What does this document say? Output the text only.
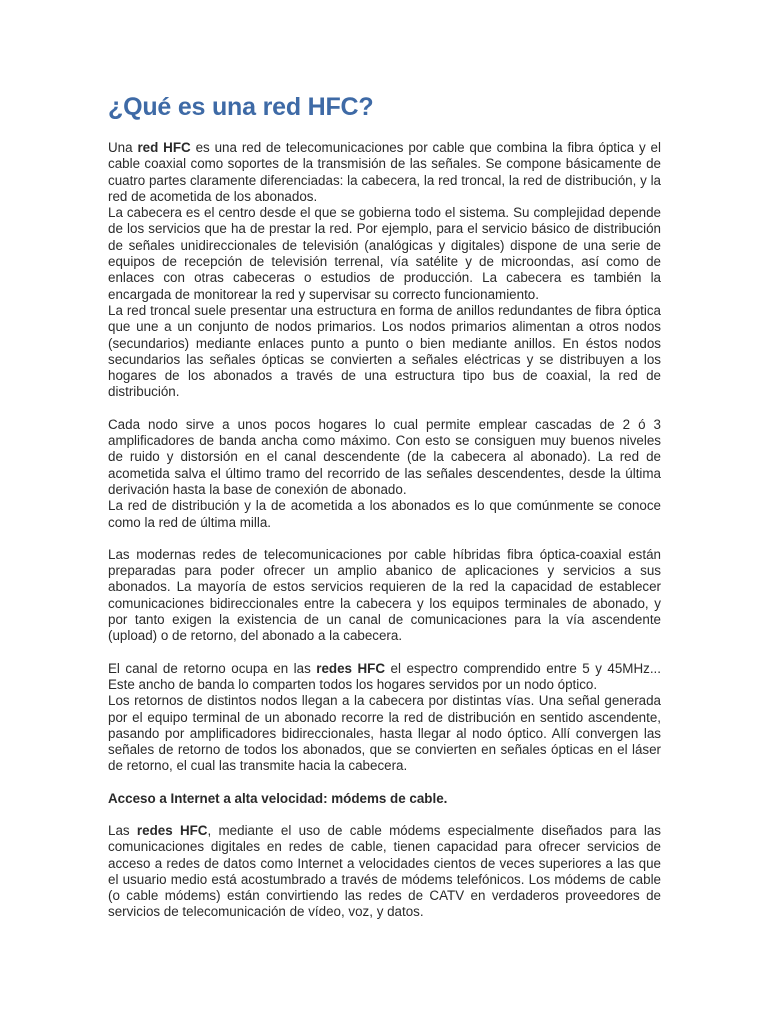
¿Qué es una red HFC?

Una red HFC es una red de telecomunicaciones por cable que combina la fibra óptica y el cable coaxial como soportes de la transmisión de las señales. Se compone básicamente de cuatro partes claramente diferenciadas: la cabecera, la red troncal, la red de distribución, y la red de acometida de los abonados.

La cabecera es el centro desde el que se gobierna todo el sistema. Su complejidad depende de los servicios que ha de prestar la red. Por ejemplo, para el servicio básico de distribución de señales unidireccionales de televisión (analógicas y digitales) dispone de una serie de equipos de recepción de televisión terrenal, vía satélite y de microondas, así como de enlaces con otras cabeceras o estudios de producción. La cabecera es también la encargada de monitorear la red y supervisar su correcto funcionamiento.

La red troncal suele presentar una estructura en forma de anillos redundantes de fibra óptica que une a un conjunto de nodos primarios. Los nodos primarios alimentan a otros nodos (secundarios) mediante enlaces punto a punto o bien mediante anillos. En éstos nodos secundarios las señales ópticas se convierten a señales eléctricas y se distribuyen a los hogares de los abonados a través de una estructura tipo bus de coaxial, la red de distribución.

Cada nodo sirve a unos pocos hogares lo cual permite emplear cascadas de 2 ó 3 amplificadores de banda ancha como máximo. Con esto se consiguen muy buenos niveles de ruido y distorsión en el canal descendente (de la cabecera al abonado). La red de acometida salva el último tramo del recorrido de las señales descendentes, desde la última derivación hasta la base de conexión de abonado.

La red de distribución y la de acometida a los abonados es lo que comúnmente se conoce como la red de última milla.

Las modernas redes de telecomunicaciones por cable híbridas fibra óptica-coaxial están preparadas para poder ofrecer un amplio abanico de aplicaciones y servicios a sus abonados. La mayoría de estos servicios requieren de la red la capacidad de establecer comunicaciones bidireccionales entre la cabecera y los equipos terminales de abonado, y por tanto exigen la existencia de un canal de comunicaciones para la vía ascendente (upload) o de retorno, del abonado a la cabecera.

El canal de retorno ocupa en las redes HFC el espectro comprendido entre 5 y 45MHz... Este ancho de banda lo comparten todos los hogares servidos por un nodo óptico.

Los retornos de distintos nodos llegan a la cabecera por distintas vías. Una señal generada por el equipo terminal de un abonado recorre la red de distribución en sentido ascendente, pasando por amplificadores bidireccionales, hasta llegar al nodo óptico. Allí convergen las señales de retorno de todos los abonados, que se convierten en señales ópticas en el láser de retorno, el cual las transmite hacia la cabecera.

Acceso a Internet a alta velocidad: módems de cable.

Las redes HFC, mediante el uso de cable módems especialmente diseñados para las comunicaciones digitales en redes de cable, tienen capacidad para ofrecer servicios de acceso a redes de datos como Internet a velocidades cientos de veces superiores a las que el usuario medio está acostumbrado a través de módems telefónicos. Los módems de cable (o cable módems) están convirtiendo las redes de CATV en verdaderos proveedores de servicios de telecomunicación de vídeo, voz, y datos.
